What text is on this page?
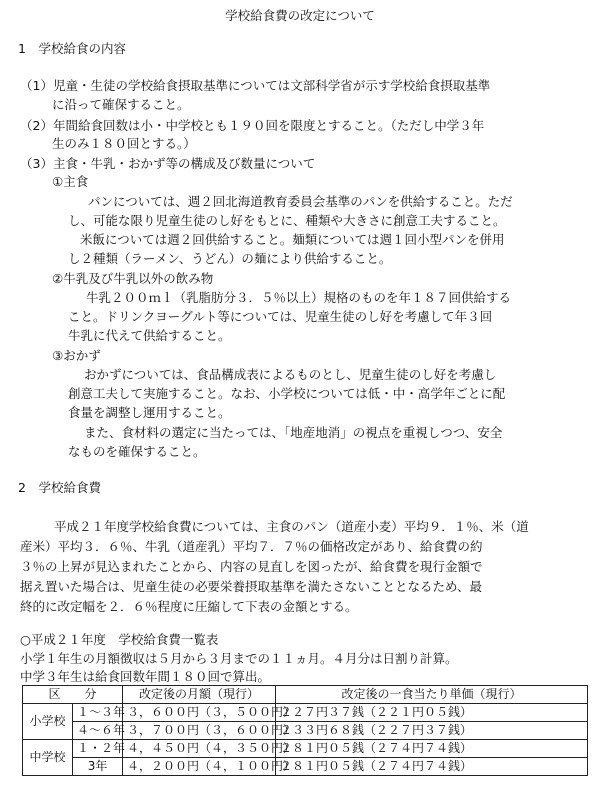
学校給食費の改定について
1　学校給食の内容
（1）児童・生徒の学校給食摂取基準については文部科学省が示す学校給食摂取基準
に沿って確保すること。
（2）年間給食回数は小・中学校とも１９０回を限度とすること。（ただし中学３年
生のみ１８０回とする。）
（3）主食・牛乳・おかず等の構成及び数量について
①主食
パンについては、週２回北海道教育委員会基準のパンを供給すること。ただ
し、可能な限り児童生徒のし好をもとに、種類や大きさに創意工夫すること。
米飯については週２回供給すること。麺類については週１回小型パンを併用
し２種類（ラーメン、うどん）の麺により供給すること。
②牛乳及び牛乳以外の飲み物
牛乳２００ｍｌ（乳脂肪分３．５％以上）規格のものを年１８７回供給する
こと。ドリンクヨーグルト等については、児童生徒のし好を考慮して年３回
牛乳に代えて供給すること。
③おかず
おかずについては、食品構成表によるものとし、児童生徒のし好を考慮し
創意工夫して実施すること。なお、小学校については低・中・高学年ごとに配
食量を調整し運用すること。
また、食材料の選定に当たっては、「地産地消」の視点を重視しつつ、安全
なものを確保すること。
2　学校給食費
平成２１年度学校給食費については、主食のパン（道産小麦）平均９．１％、米（道
産米）平均３．６％、牛乳（道産乳）平均７．７％の価格改定があり、給食費の約
３％の上昇が見込まれたことから、内容の見直しを図ったが、給食費を現行金額で
据え置いた場合は、児童生徒の必要栄養摂取基準を満たさないこととなるため、最
終的に改定幅を２．６％程度に圧縮して下表の金額とする。
○平成２１年度　学校給食費一覧表
小学１年生の月額徴収は５月から３月までの１１ヵ月。４月分は日割り計算。
中学３年生は給食回数年間１８０回で算出。
区　　分		改定後の月額（現行）	改定後の一食当たり単価（現行）
小学校	１～３年	３，６００円（３，５００円）	２２７円３７銭（２２１円０５銭）
	４～６年	３，７００円（３，６００円）	２３３円６８銭（２２７円３７銭）
中学校	１・２年	４，４５０円（４，３５０円）	２８１円０５銭（２７４円７４銭）
	3年	４，２００円（４，１００円）	２８１円０５銭（２７４円７４銭）
